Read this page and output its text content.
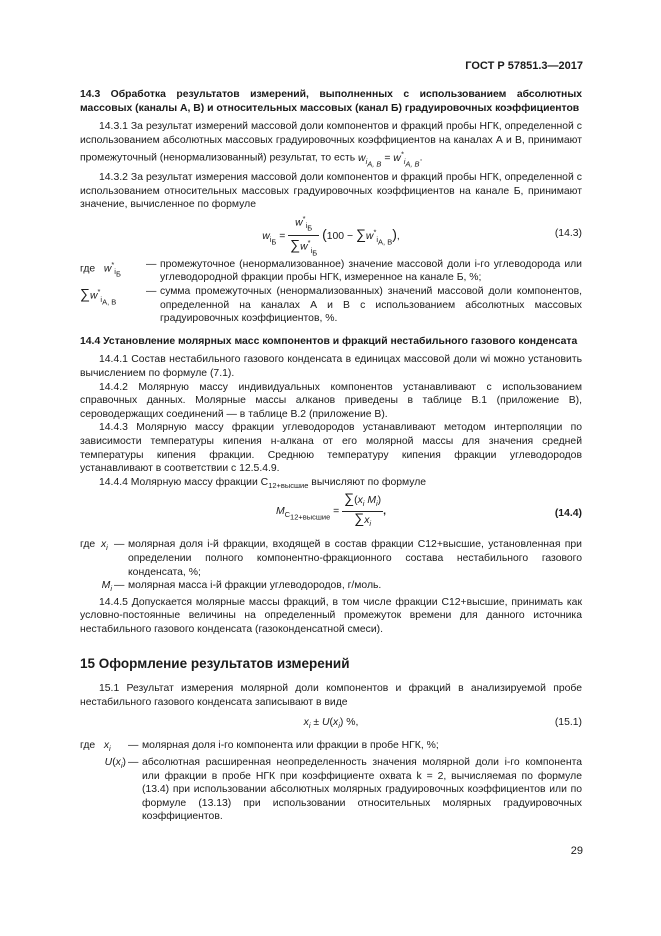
ГОСТ Р 57851.3—2017

14.3 Обработка результатов измерений, выполненных с использованием абсолютных массовых (каналы А, В) и относительных массовых (канал Б) градуировочных коэффициентов

14.3.1 За результат измерений массовой доли компонентов и фракций пробы НГК, определенной с использованием абсолютных массовых градуировочных коэффициентов на каналах А и В, принимают промежуточный (ненормализованный) результат, то есть $w_{i_{А, В}} = w^*_{i_{А, В}}$.

14.3.2 За результат измерения массовой доли компонентов и фракций пробы НГК, определенной с использованием относительных массовых градуировочных коэффициентов на канале Б, принимают значение, вычисленное по формуле

$w_{i_Б} = \frac{w^*_{i_Б}}{\sum w^*_{i_Б}} (100 - \sum w^*_{i_{А, В}})$,	(14.3)
где $w^*_{i_Б}$
— промежуточное (ненормализованное) значение массовой доли i-го углеводорода или углеводородной фракции пробы НГК, измеренное на канале Б, %;
$\sum w^*_{i_{А, В}}$
— сумма промежуточных (ненормализованных) значений массовой доли компонентов, определенной на каналах А и В с использованием абсолютных массовых градуировочных коэффициентов, %.

14.4 Установление молярных масс компонентов и фракций нестабильного газового конденсата

14.4.1 Состав нестабильного газового конденсата в единицах массовой доли wi можно установить вычислением по формуле (7.1).

14.4.2 Молярную массу индивидуальных компонентов устанавливают с использованием справочных данных. Молярные массы алканов приведены в таблице В.1 (приложение В), сероводержащих соединений — в таблице В.2 (приложение В).

14.4.3 Молярную массу фракции углеводородов устанавливают методом интерполяции по зависимости температуры кипения н-алкана от его молярной массы для значения средней температуры кипения фракции. Среднюю температуру кипения фракции углеводородов устанавливают в соответствии с 12.5.4.9.

14.4.4 Молярную массу фракции $С_{12+высшие}$ вычисляют по формуле

$M_{С_{12+высшие}} = \frac{\sum(x_i M_i)}{\sum x_i}$ ,	(14.4)
где $x_i$ — молярная доля i-й фракции, входящей в состав фракции С12+высшие, установленная при определении полного компонентно-фракционного состава нестабильного газового конденсата, %;
$M_i$ — молярная масса i-й фракции углеводородов, г/моль.

14.4.5 Допускается молярные массы фракций, в том числе фракции С12+высшие, принимать как условно-постоянные величины на определенный промежуток времени для данного источника нестабильного газового конденсата (газоконденсатной смеси).

15 Оформление результатов измерений

15.1 Результат измерения молярной доли компонентов и фракций в анализируемой пробе нестабильного газового конденсата записывают в виде

$x_i \pm U(x_i)$ %,	(15.1)
где $x_i$	— молярная доля i-го компонента или фракции в пробе НГК, %;
$U(x_i)$ — абсолютная расширенная неопределенность значения молярной доли i-го компонента или фракции в пробе НГК при коэффициенте охвата k = 2, вычисляемая по формуле (13.4) при использовании абсолютных молярных градуировочных коэффициентов или по формуле (13.13) при использовании относительных молярных градуировочных коэффициентов.
29
